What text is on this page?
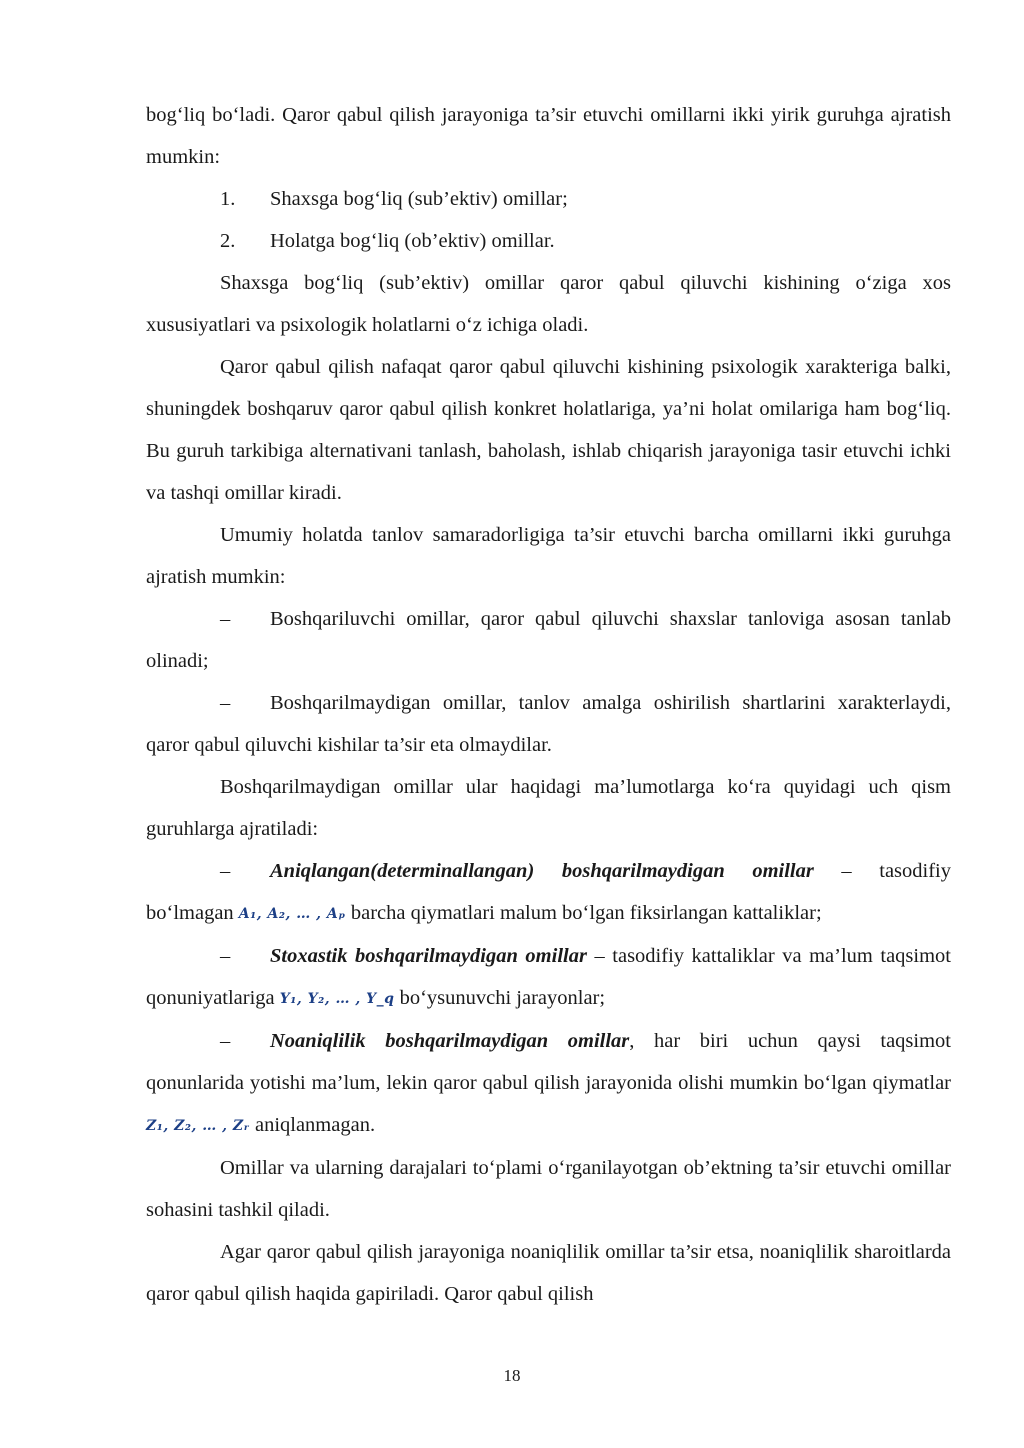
bog‘liq bo‘ladi. Qaror qabul qilish jarayoniga ta’sir etuvchi omillarni ikki yirik guruhga ajratish mumkin:

1. Shaxsga bog‘liq (sub’ektiv) omillar;

2. Holatga bog‘liq (ob’ektiv) omillar.

Shaxsga bog‘liq (sub’ektiv) omillar qaror qabul qiluvchi kishining o‘ziga xos xususiyatlari va psixologik holatlarni o‘z ichiga oladi.

Qaror qabul qilish nafaqat qaror qabul qiluvchi kishining psixologik xarakteriga balki, shuningdek boshqaruv qaror qabul qilish konkret holatlariga, ya’ni holat omilariga ham bog‘liq. Bu guruh tarkibiga alternativani tanlash, baholash, ishlab chiqarish jarayoniga tasir etuvchi ichki va tashqi omillar kiradi.

Umumiy holatda tanlov samaradorligiga ta’sir etuvchi barcha omillarni ikki guruhga ajratish mumkin:

– Boshqariluvchi omillar, qaror qabul qiluvchi shaxslar tanloviga asosan tanlab olinadi;

– Boshqarilmaydigan omillar, tanlov amalga oshirilish shartlarini xarakterlaydi, qaror qabul qiluvchi kishilar ta’sir eta olmaydilar.

Boshqarilmaydigan omillar ular haqidagi ma’lumotlarga ko‘ra quyidagi uch qism guruhlarga ajratiladi:

– Aniqlangan(determinallangan) boshqarilmaydigan omillar – tasodifiy bo‘lmagan A₁, A₂, … , Aₚ barcha qiymatlari malum bo‘lgan fiksirlangan kattaliklar;

– Stoxastik boshqarilmaydigan omillar – tasodifiy kattaliklar va ma’lum taqsimot qonuniyatlariga Y₁, Y₂, … , Y_q bo‘ysunuvchi jarayonlar;

– Noaniqlilik boshqarilmaydigan omillar, har biri uchun qaysi taqsimot qonunlarida yotishi ma’lum, lekin qaror qabul qilish jarayonida olishi mumkin bo‘lgan qiymatlar Z₁, Z₂, … , Zᵣ aniqlanmagan.

Omillar va ularning darajalari to‘plami o‘rganilayotgan ob’ektning ta’sir etuvchi omillar sohasini tashkil qiladi.

Agar qaror qabul qilish jarayoniga noaniqlilik omillar ta’sir etsa, noaniqlilik sharoitlarda qaror qabul qilish haqida gapiriladi. Qaror qabul qilish

18
